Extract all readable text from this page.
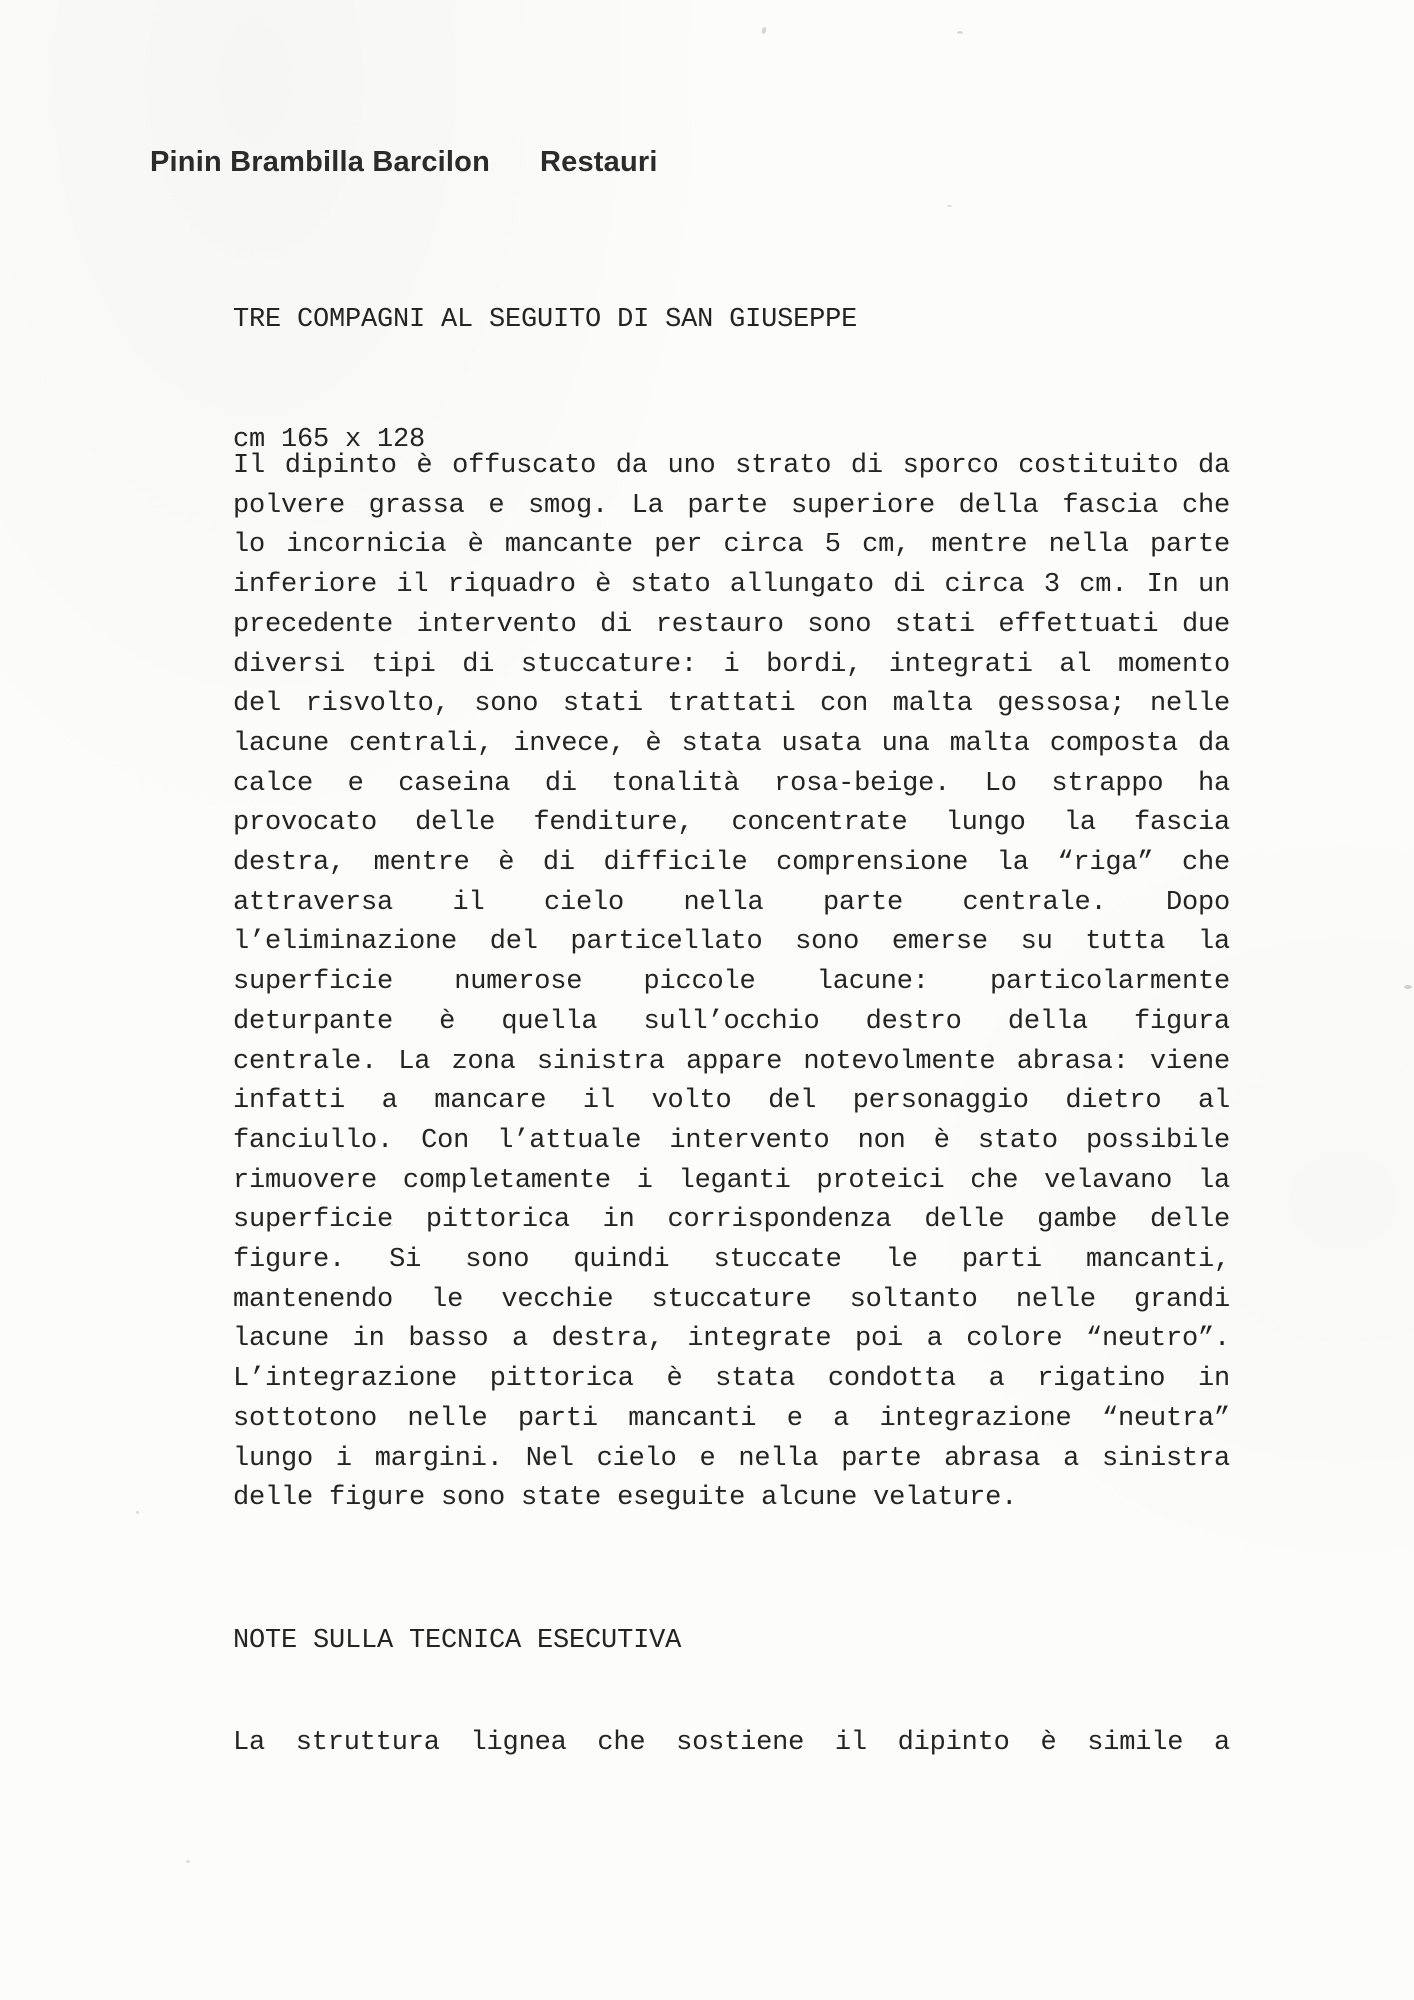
Pinin Brambilla Barcilon Restauri

TRE COMPAGNI AL SEGUITO DI SAN GIUSEPPE

cm 165 x 128

Il dipinto è offuscato da uno strato di sporco costituito da
polvere grassa e smog. La parte superiore della fascia che
lo incornicia è mancante per circa 5 cm, mentre nella parte
inferiore il riquadro è stato allungato di circa 3 cm. In un
precedente intervento di restauro sono stati effettuati due
diversi tipi di stuccature: i bordi, integrati al momento
del risvolto, sono stati trattati con malta gessosa; nelle
lacune centrali, invece, è stata usata una malta composta da
calce e caseina di tonalità rosa-beige. Lo strappo ha
provocato delle fenditure, concentrate lungo la fascia
destra, mentre è di difficile comprensione la “riga” che
attraversa il cielo nella parte centrale. Dopo
l’eliminazione del particellato sono emerse su tutta la
superficie numerose piccole lacune: particolarmente
deturpante è quella sull’occhio destro della figura
centrale. La zona sinistra appare notevolmente abrasa: viene
infatti a mancare il volto del personaggio dietro al
fanciullo. Con l’attuale intervento non è stato possibile
rimuovere completamente i leganti proteici che velavano la
superficie pittorica in corrispondenza delle gambe delle
figure. Si sono quindi stuccate le parti mancanti,
mantenendo le vecchie stuccature soltanto nelle grandi
lacune in basso a destra, integrate poi a colore “neutro”.
L’integrazione pittorica è stata condotta a rigatino in
sottotono nelle parti mancanti e a integrazione “neutra”
lungo i margini. Nel cielo e nella parte abrasa a sinistra
delle figure sono state eseguite alcune velature.
NOTE SULLA TECNICA ESECUTIVA
La struttura lignea che sostiene il dipinto è simile a
